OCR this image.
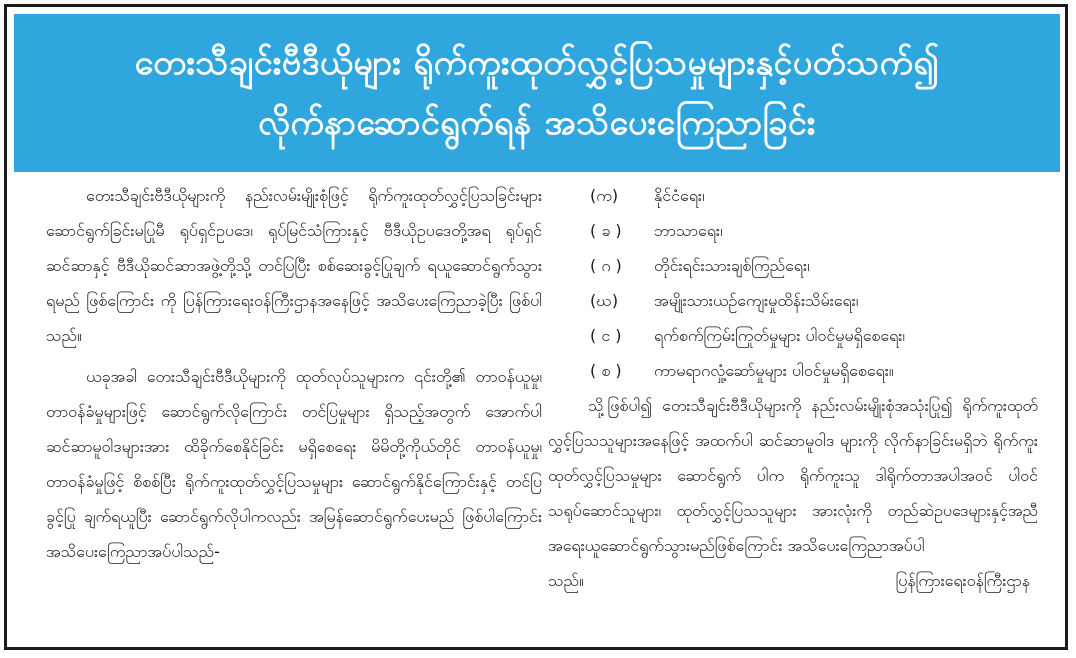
တေးသီချင်းဗီဒီယိုများ ရိုက်ကူးထုတ်လွှင့်ပြသမှုများနှင့်ပတ်သက်၍
လိုက်နာဆောင်ရွက်ရန် အသိပေးကြေညာခြင်း

တေးသီချင်းဗီဒီယိုများကို နည်းလမ်းမျိုးစုံဖြင့် ရိုက်ကူးထုတ်လွှင့်ပြသခြင်းများ ဆောင်ရွက်ခြင်းမပြုမီ ရုပ်ရှင်ဥပဒေ၊ ရုပ်မြင်သံကြားနှင့် ဗီဒီယိုဥပဒေတို့အရ ရုပ်ရှင်ဆင်ဆာနှင့် ဗီဒီယိုဆင်ဆာအဖွဲ့တို့သို့ တင်ပြပြီး စစ်ဆေးခွင့်ပြုချက် ရယူဆောင်ရွက်သွားရမည် ဖြစ်ကြောင်း ကို ပြန်ကြားရေးဝန်ကြီးဌာနအနေဖြင့် အသိပေးကြေညာခဲ့ပြီး ဖြစ်ပါ သည်။

ယခုအခါ တေးသီချင်းဗီဒီယိုများကို ထုတ်လုပ်သူများက ၎င်းတို့၏ တာဝန်ယူမှု၊ တာဝန်ခံမှုများဖြင့် ဆောင်ရွက်လိုကြောင်း တင်ပြမှုများ ရှိသည့်အတွက် အောက်ပါဆင်ဆာမူဝါဒများအား ထိခိုက်စေနိုင်ခြင်း မရှိစေရေး မိမိတို့ကိုယ်တိုင် တာဝန်ယူမှု၊ တာဝန်ခံမှုဖြင့် စိစစ်ပြီး ရိုက်ကူးထုတ်လွှင့်ပြသမှုများ ဆောင်ရွက်နိုင်ကြောင်းနှင့် တင်ပြခွင့်ပြု ချက်ရယူပြီး ဆောင်ရွက်လိုပါကလည်း အမြန်ဆောင်ရွက်ပေးမည် ဖြစ်ပါကြောင်း အသိပေးကြေညာအပ်ပါသည်-

(က)	နိုင်ငံရေး၊
( ခ )	ဘာသာရေး၊
( ဂ )	တိုင်းရင်းသားချစ်ကြည်ရေး၊
(ဃ)	အမျိုးသားယဉ်ကျေးမှုထိန်းသိမ်းရေး၊
( င )	ရက်စက်ကြမ်းကြုတ်မှုများ ပါဝင်မှုမရှိစေရေး၊
( စ )	ကာမရာဂလှုံ့ဆော်မှုများ ပါဝင်မှုမရှိစေရေး။

သို့ဖြစ်ပါ၍ တေးသီချင်းဗီဒီယိုများကို နည်းလမ်းမျိုးစုံအသုံးပြု၍ ရိုက်ကူးထုတ်လွှင့်ပြသသူများအနေဖြင့် အထက်ပါ ဆင်ဆာမူဝါဒ များကို လိုက်နာခြင်းမရှိဘဲ ရိုက်ကူးထုတ်လွှင့်ပြသမှုများ ဆောင်ရွက် ပါက ရိုက်ကူးသူ ဒါရိုက်တာအပါအဝင် ပါဝင်သရုပ်ဆောင်သူများ၊ ထုတ်လွှင့်ပြသသူများ အားလုံးကို တည်ဆဲဥပဒေများနှင့်အညီ အရေးယူဆောင်ရွက်သွားမည်ဖြစ်ကြောင်း အသိပေးကြေညာအပ်ပါ

သည်။	ပြန်ကြားရေးဝန်ကြီးဌာန
